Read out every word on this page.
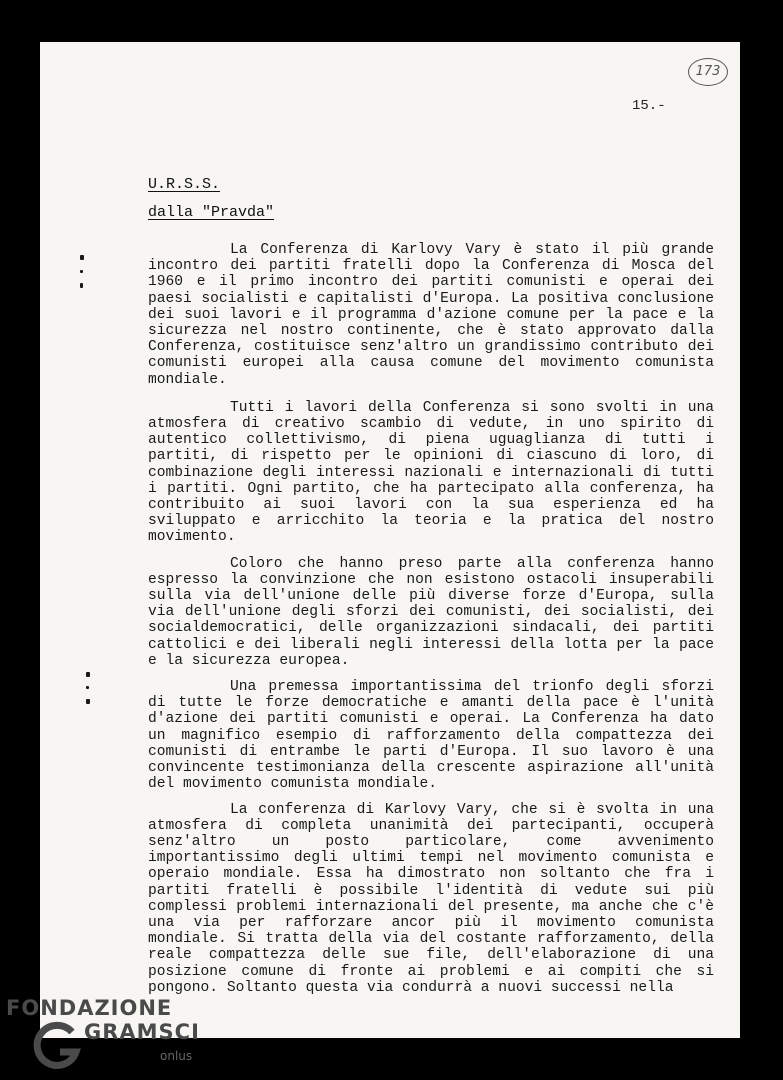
173
15.-
U.R.S.S.
dalla "Pravda"

La Conferenza di Karlovy Vary è stato il più grande incontro dei partiti fratelli dopo la Conferenza di Mosca del 1960 e il primo incontro dei partiti comunisti e operai dei paesi socialisti e capitalisti d'Europa. La positiva conclusione dei suoi lavori e il programma d'azione comune per la pace e la sicurezza nel nostro continente, che è stato approvato dalla Conferenza, costituisce senz'altro un grandissimo contributo dei comunisti europei alla causa comune del movimento comunista mondiale.

Tutti i lavori della Conferenza si sono svolti in una atmosfera di creativo scambio di vedute, in uno spirito di autentico collettivismo, di piena uguaglianza di tutti i partiti, di rispetto per le opinioni di ciascuno di loro, di combinazione degli interessi nazionali e internazionali di tutti i partiti. Ogni partito, che ha partecipato alla conferenza, ha contribuito ai suoi lavori con la sua esperienza ed ha sviluppato e arricchito la teoria e la pratica del nostro movimento.

Coloro che hanno preso parte alla conferenza hanno espresso la convinzione che non esistono ostacoli insuperabili sulla via dell'unione delle più diverse forze d'Europa, sulla via dell'unione degli sforzi dei comunisti, dei socialisti, dei socialdemocratici, delle organizzazioni sindacali, dei partiti cattolici e dei liberali negli interessi della lotta per la pace e la sicurezza europea.

Una premessa importantissima del trionfo degli sforzi di tutte le forze democratiche e amanti della pace è l'unità d'azione dei partiti comunisti e operai. La Conferenza ha dato un magnifico esempio di rafforzamento della compattezza dei comunisti di entrambe le parti d'Europa. Il suo lavoro è una convincente testimonianza della crescente aspirazione all'unità del movimento comunista mondiale.

La conferenza di Karlovy Vary, che si è svolta in una atmosfera di completa unanimità dei partecipanti, occuperà senz'altro un posto particolare, come avvenimento importantissimo degli ultimi tempi nel movimento comunista e operaio mondiale. Essa ha dimostrato non soltanto che fra i partiti fratelli è possibile l'identità di vedute sui più complessi problemi internazionali del presente, ma anche che c'è una via per rafforzare ancor più il movimento comunista mondiale. Si tratta della via del costante rafforzamento, della reale compattezza delle sue file, dell'elaborazione di una posizione comune di fronte ai problemi e ai compiti che si pongono. Soltanto questa via condurrà a nuovi successi nella

FONDAZIONE
GRAMSCI
onlus
